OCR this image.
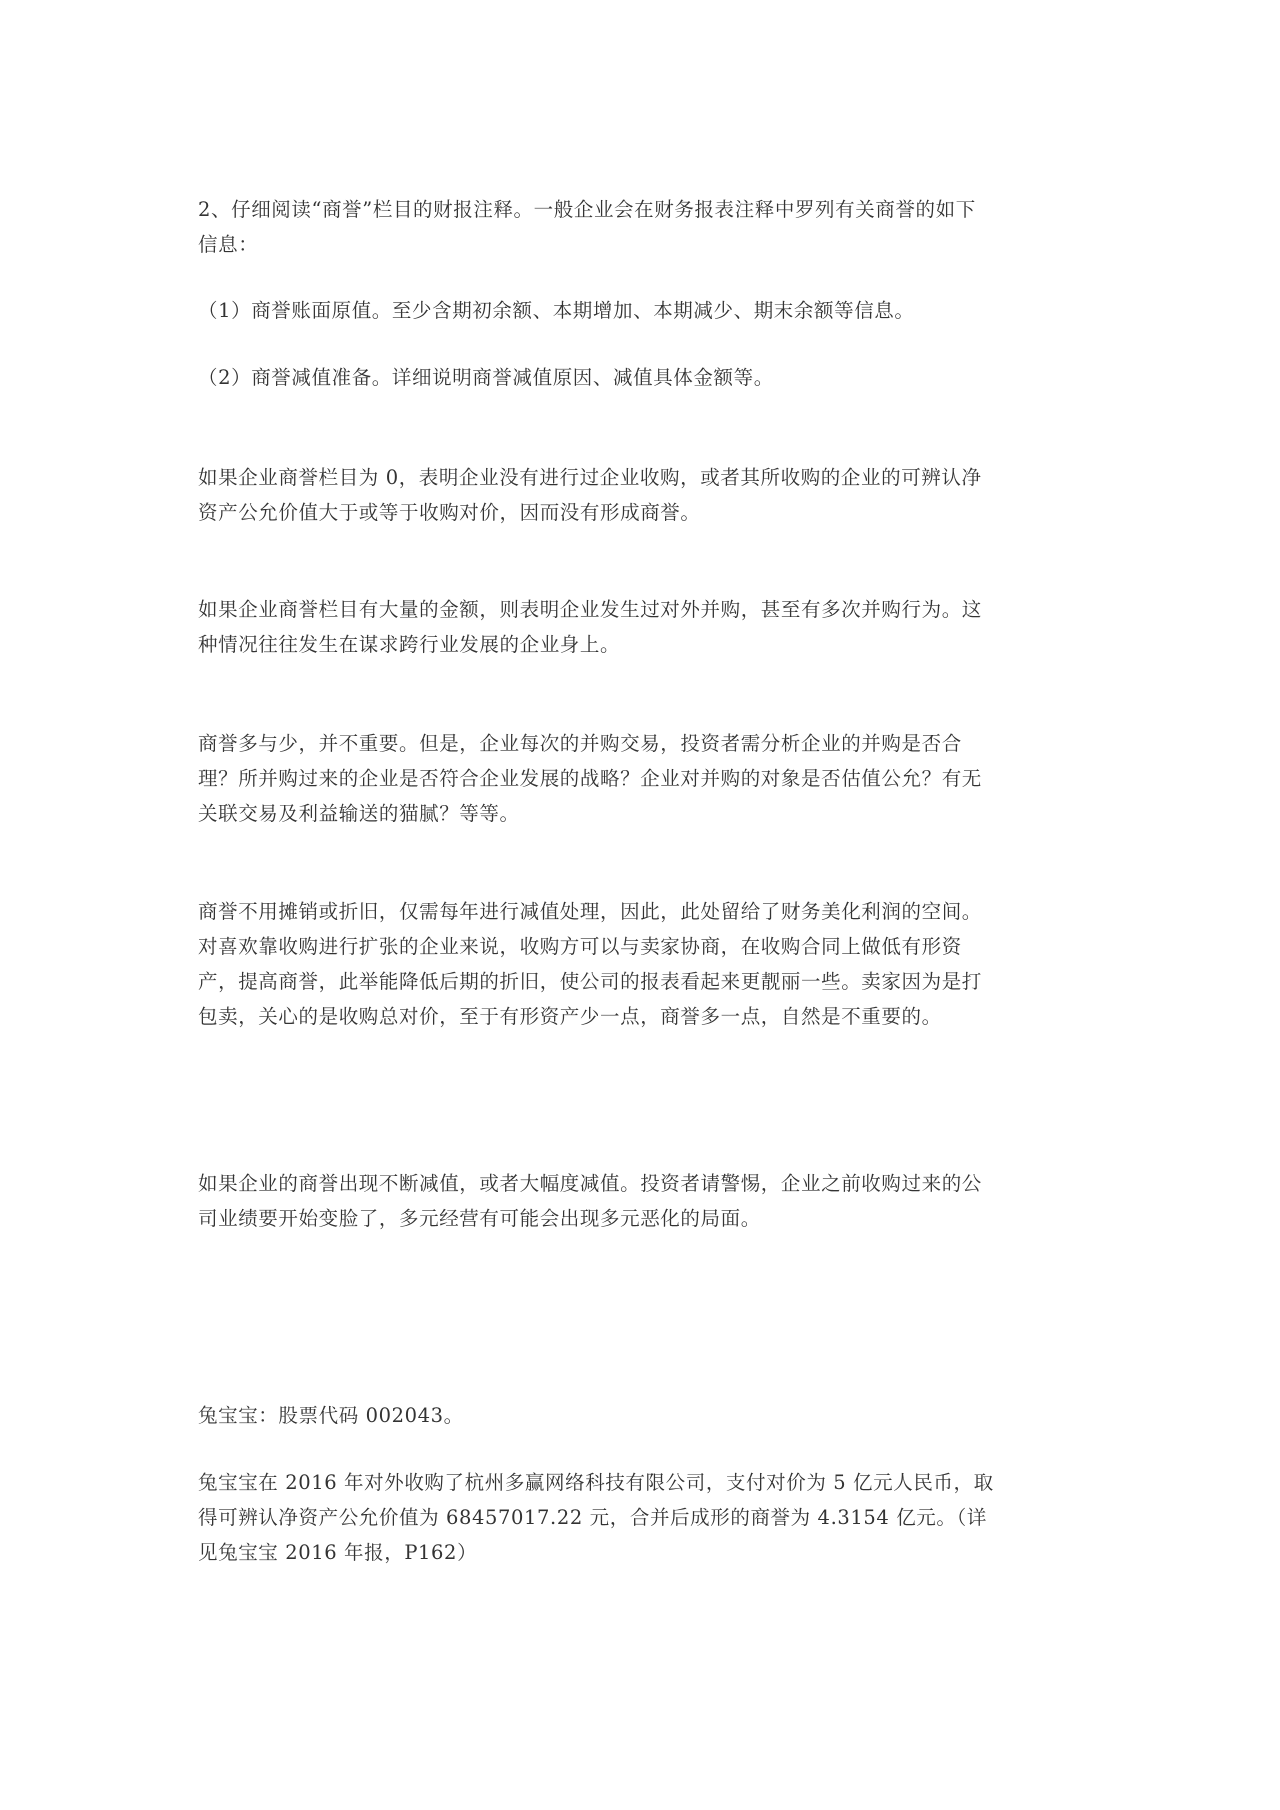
2、仔细阅读“商誉”栏目的财报注释。一般企业会在财务报表注释中罗列有关商誉的如下
信息：

（1）商誉账面原值。至少含期初余额、本期增加、本期减少、期末余额等信息。

（2）商誉减值准备。详细说明商誉减值原因、减值具体金额等。

如果企业商誉栏目为 0，表明企业没有进行过企业收购，或者其所收购的企业的可辨认净
资产公允价值大于或等于收购对价，因而没有形成商誉。

如果企业商誉栏目有大量的金额，则表明企业发生过对外并购，甚至有多次并购行为。这
种情况往往发生在谋求跨行业发展的企业身上。

商誉多与少，并不重要。但是，企业每次的并购交易，投资者需分析企业的并购是否合
理？所并购过来的企业是否符合企业发展的战略？企业对并购的对象是否估值公允？有无
关联交易及利益输送的猫腻？等等。

商誉不用摊销或折旧，仅需每年进行减值处理，因此，此处留给了财务美化利润的空间。
对喜欢靠收购进行扩张的企业来说，收购方可以与卖家协商，在收购合同上做低有形资
产，提高商誉，此举能降低后期的折旧，使公司的报表看起来更靓丽一些。卖家因为是打
包卖，关心的是收购总对价，至于有形资产少一点，商誉多一点，自然是不重要的。

如果企业的商誉出现不断减值，或者大幅度减值。投资者请警惕，企业之前收购过来的公
司业绩要开始变脸了，多元经营有可能会出现多元恶化的局面。

兔宝宝：股票代码 002043。

兔宝宝在 2016 年对外收购了杭州多赢网络科技有限公司，支付对价为 5 亿元人民币，取
得可辨认净资产公允价值为 68457017.22 元，合并后成形的商誉为 4.3154 亿元。（详
见兔宝宝 2016 年报，P162）
